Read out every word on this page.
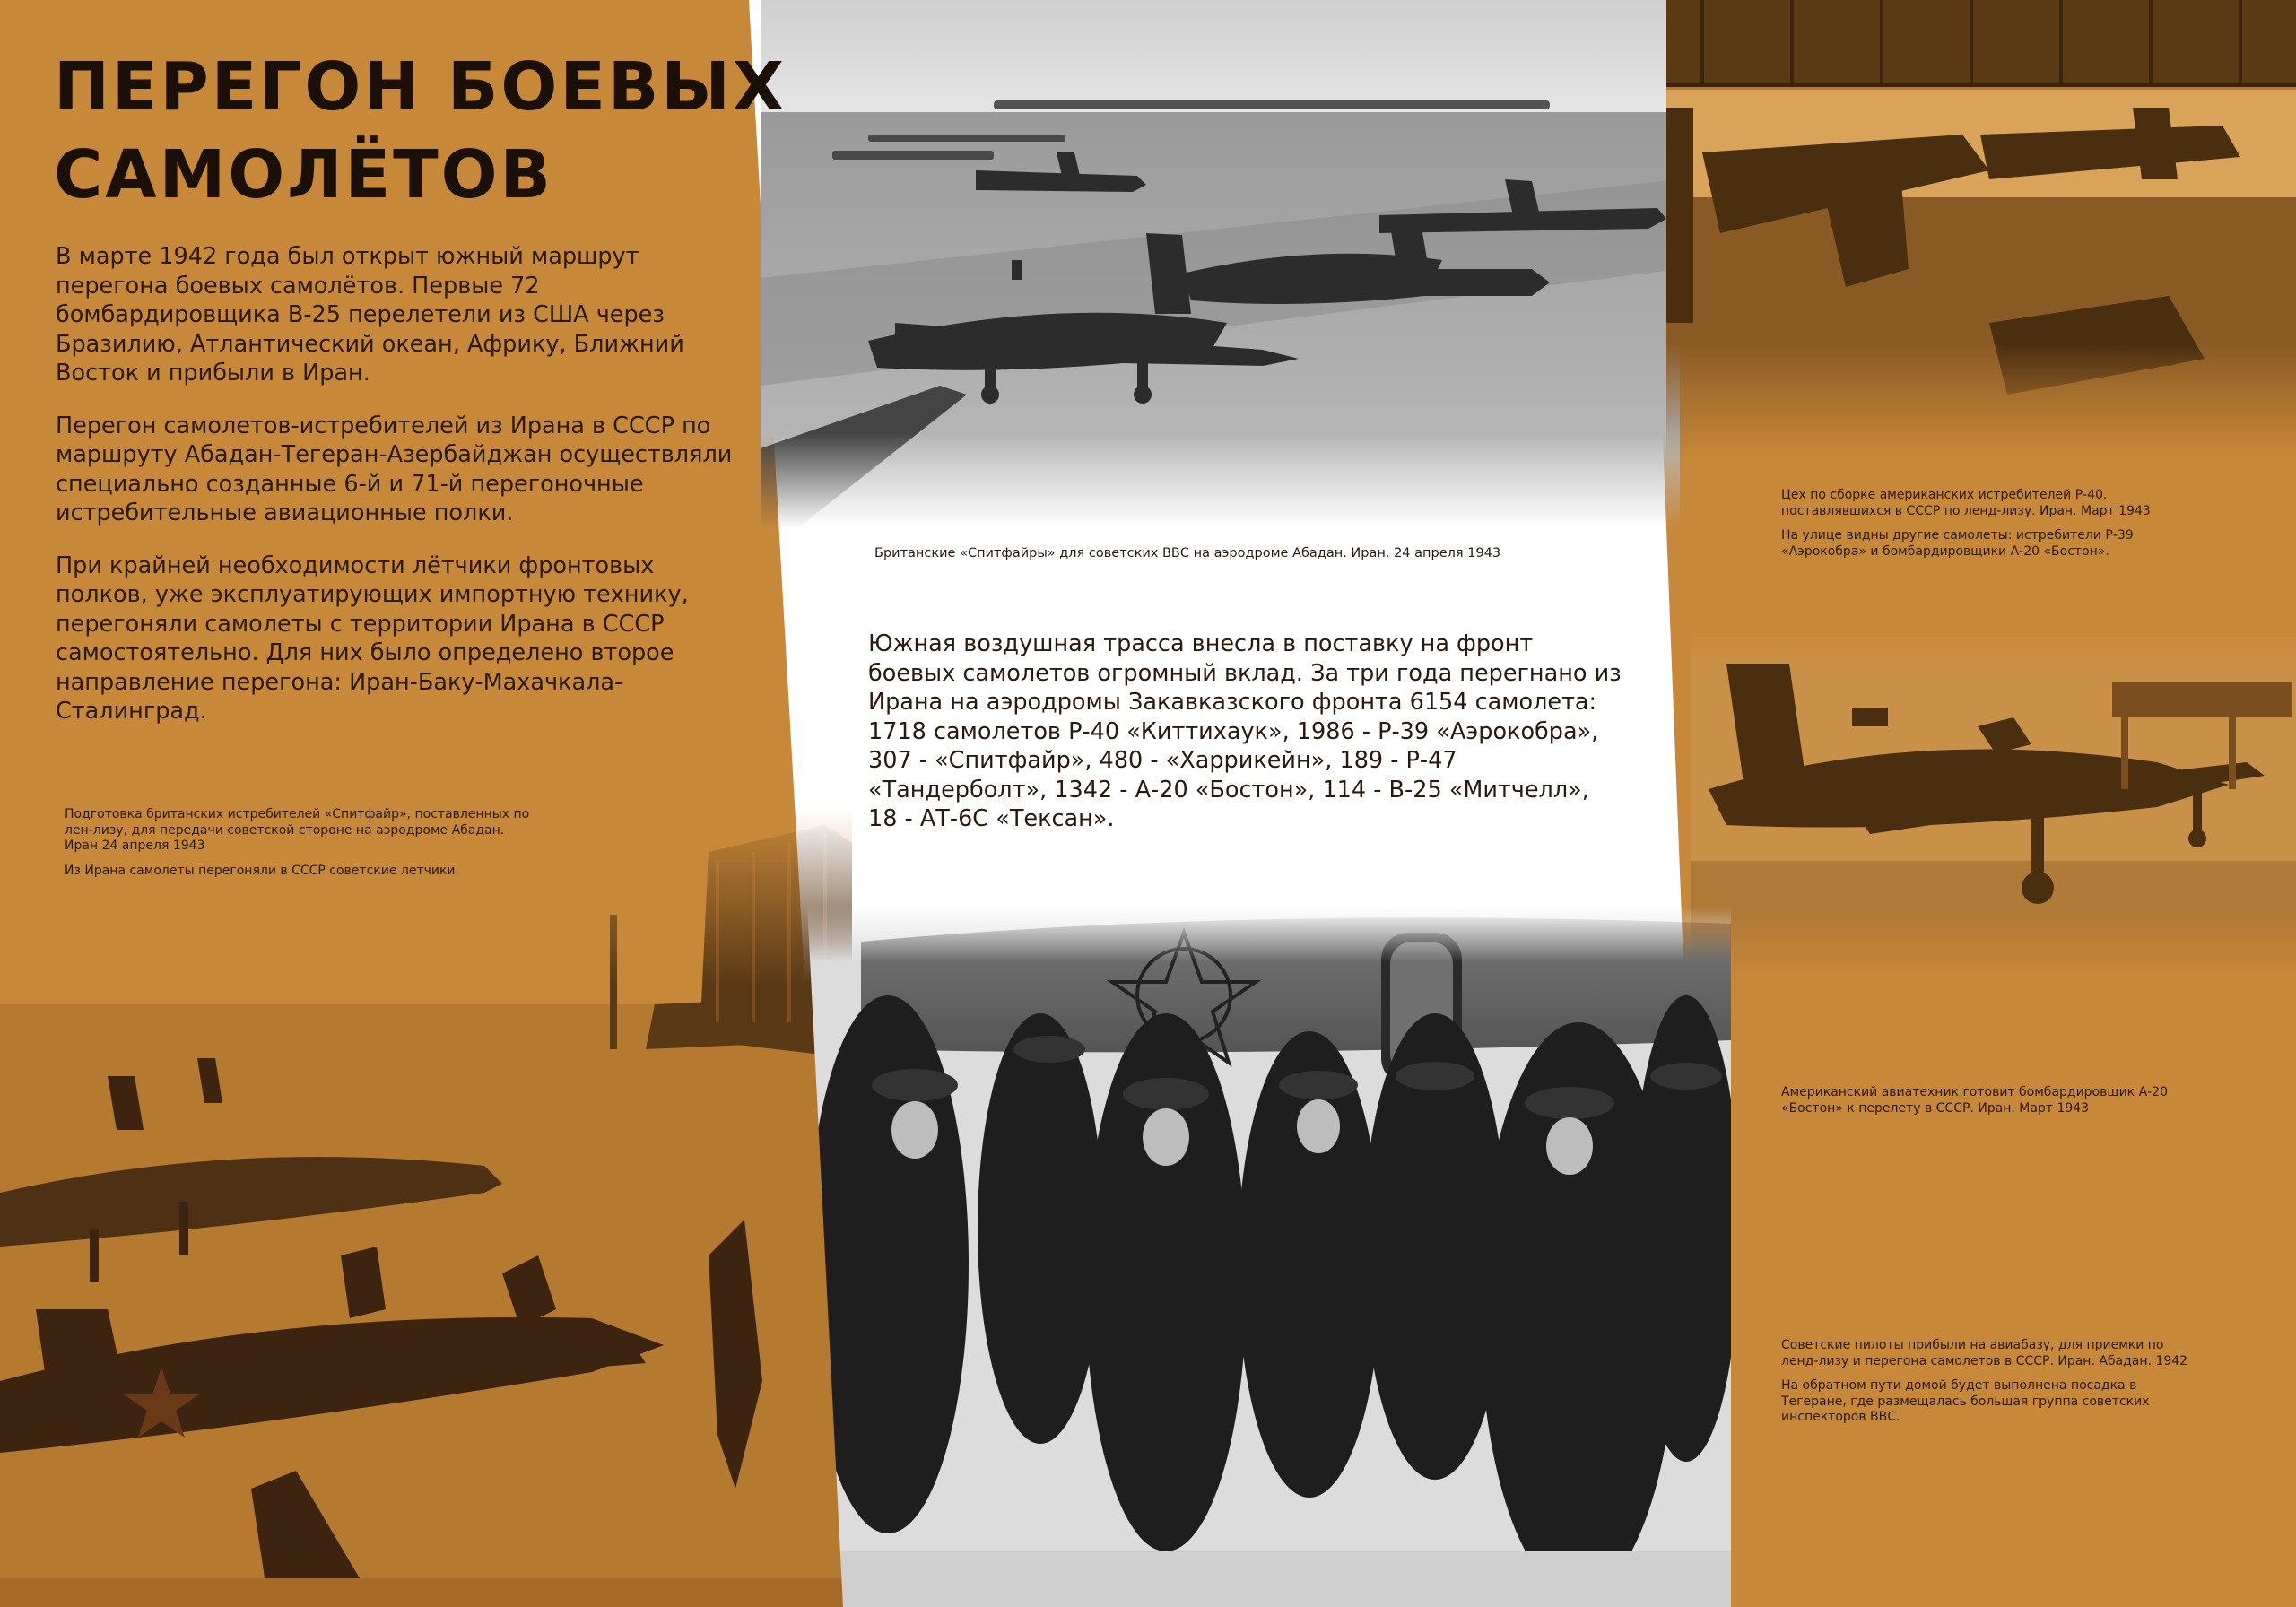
ПЕРЕГОН БОЕВЫХ
САМОЛЁТОВ

В марте 1942 года был открыт южный маршрут перегона боевых самолётов. Первые 72 бомбардировщика B-25 перелетели из США через Бразилию, Атлантический океан, Африку, Ближний Восток и прибыли в Иран.

Перегон самолетов-истребителей из Ирана в СССР по маршруту Абадан-Тегеран-Азербайджан осуществляли специально созданные 6-й и 71-й перегоночные истребительные авиационные полки.

При крайней необходимости лётчики фронтовых полков, уже эксплуатирующих импортную технику, перегоняли самолеты с территории Ирана в СССР самостоятельно. Для них было определено второе направление перегона: Иран-Баку-Махачкала-Сталинград.

Южная воздушная трасса внесла в поставку на фронт боевых самолетов огромный вклад. За три года перегнано из Ирана на аэродромы Закавказского фронта 6154 самолета: 1718 самолетов Р-40 «Киттихаук», 1986 - Р-39 «Аэрокобра», 307 - «Спитфайр», 480 - «Харрикейн», 189 - Р-47 «Тандерболт», 1342 - А-20 «Бостон», 114 - В-25 «Митчелл», 18 - АТ-6С «Тексан».
Британские «Спитфайры» для советских ВВС на аэродроме Абадан. Иран. 24 апреля 1943

Подготовка британских истребителей «Спитфайр», поставленных по лен-лизу, для передачи советской стороне на аэродроме Абадан. Иран 24 апреля 1943

Из Ирана самолеты перегоняли в СССР советские летчики.

Цех по сборке американских истребителей Р-40, поставлявшихся в СССР по ленд-лизу. Иран. Март 1943

На улице видны другие самолеты: истребители Р-39 «Аэрокобра» и бомбардировщики А-20 «Бостон».

Американский авиатехник готовит бомбардировщик А-20 «Бостон» к перелету в СССР. Иран. Март 1943

Советские пилоты прибыли на авиабазу, для приемки по ленд-лизу и перегона самолетов в СССР. Иран. Абадан. 1942

На обратном пути домой будет выполнена посадка в Тегеране, где размещалась большая группа советских инспекторов ВВС.
